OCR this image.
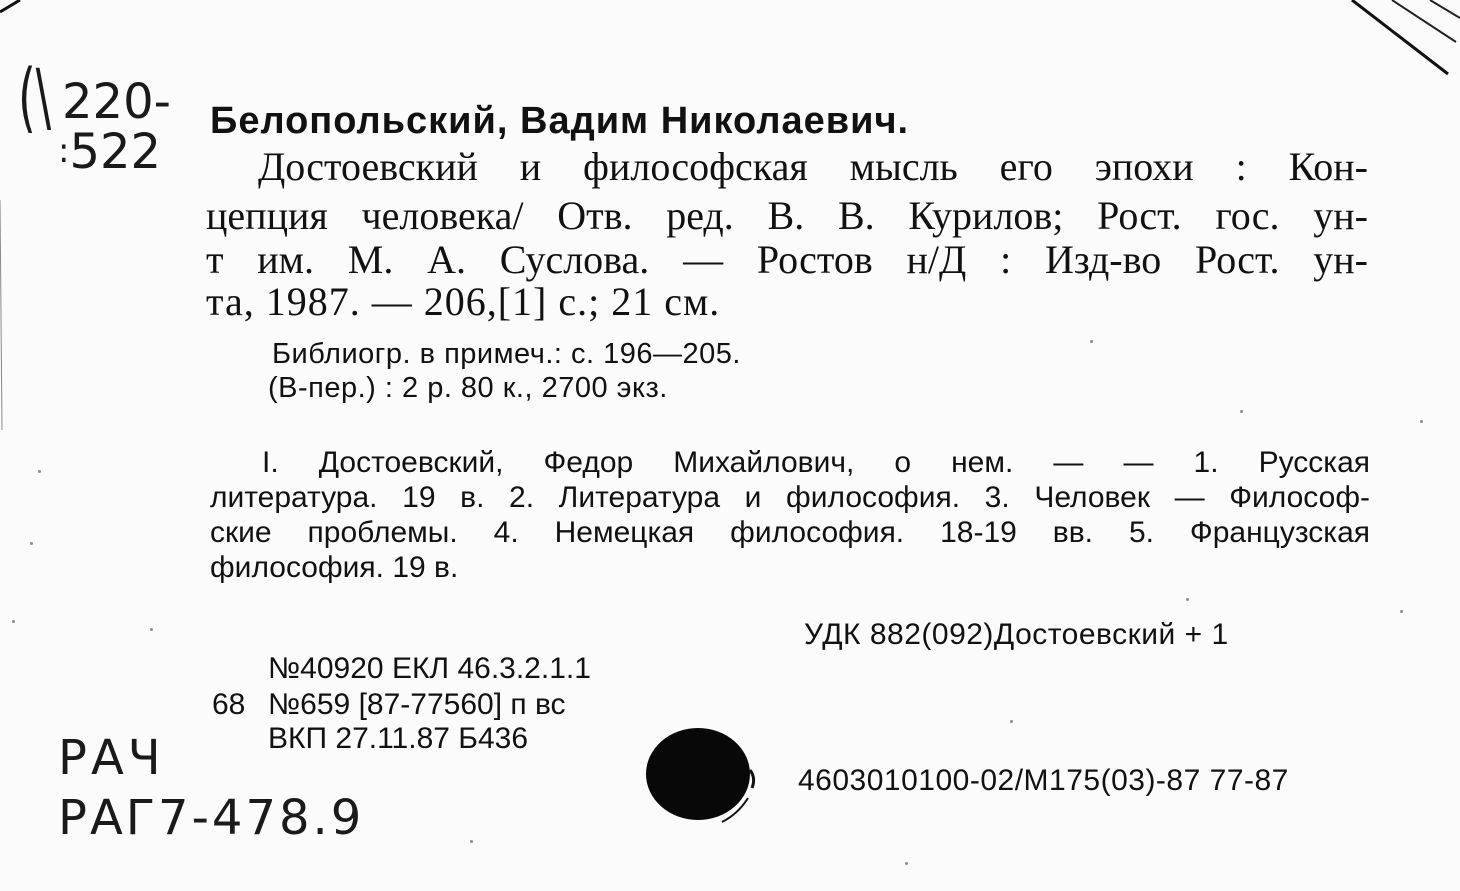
(\ 220-
:522
Белопольский, Вадим Николаевич.
Достоевский и философская мысль его эпохи : Кон-
цепция человека/ Отв. ред. В. В. Курилов; Рост. гос. ун-
т им. М. А. Суслова. — Ростов н/Д : Изд-во Рост. ун-
та, 1987. — 206,[1] с.; 21 см.
Библиогр. в примеч.: с. 196—205.
(В-пер.) : 2 р. 80 к., 2700 экз.
I. Достоевский, Федор Михайлович, о нем. — — 1. Русская
литература. 19 в. 2. Литература и философия. 3. Человек — Философ-
ские проблемы. 4. Немецкая философия. 18-19 вв. 5. Французская
философия. 19 в.
УДК 882(092)Достоевский + 1
№40920 ЕКЛ 46.3.2.1.1
68 №659 [87-77560] п вс
ВКП 27.11.87 Б436
4603010100-02/М175(03)-87 77-87
РАЧ
РАГ7-478.9
